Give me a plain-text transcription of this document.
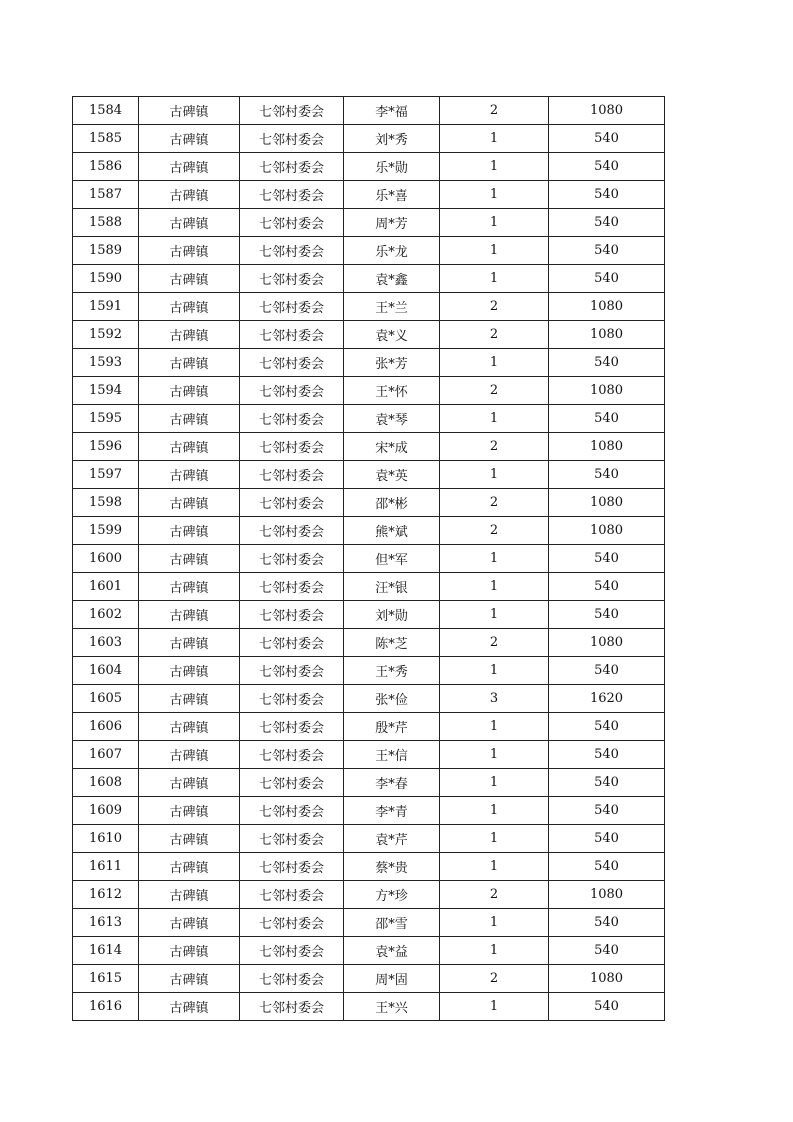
1584	古碑镇	七邻村委会	李*福	2	1080
1585	古碑镇	七邻村委会	刘*秀	1	540
1586	古碑镇	七邻村委会	乐*勋	1	540
1587	古碑镇	七邻村委会	乐*喜	1	540
1588	古碑镇	七邻村委会	周*芳	1	540
1589	古碑镇	七邻村委会	乐*龙	1	540
1590	古碑镇	七邻村委会	袁*鑫	1	540
1591	古碑镇	七邻村委会	王*兰	2	1080
1592	古碑镇	七邻村委会	袁*义	2	1080
1593	古碑镇	七邻村委会	张*芳	1	540
1594	古碑镇	七邻村委会	王*怀	2	1080
1595	古碑镇	七邻村委会	袁*琴	1	540
1596	古碑镇	七邻村委会	宋*成	2	1080
1597	古碑镇	七邻村委会	袁*英	1	540
1598	古碑镇	七邻村委会	邵*彬	2	1080
1599	古碑镇	七邻村委会	熊*斌	2	1080
1600	古碑镇	七邻村委会	但*军	1	540
1601	古碑镇	七邻村委会	汪*银	1	540
1602	古碑镇	七邻村委会	刘*勋	1	540
1603	古碑镇	七邻村委会	陈*芝	2	1080
1604	古碑镇	七邻村委会	王*秀	1	540
1605	古碑镇	七邻村委会	张*俭	3	1620
1606	古碑镇	七邻村委会	殷*芹	1	540
1607	古碑镇	七邻村委会	王*信	1	540
1608	古碑镇	七邻村委会	李*春	1	540
1609	古碑镇	七邻村委会	李*青	1	540
1610	古碑镇	七邻村委会	袁*芹	1	540
1611	古碑镇	七邻村委会	蔡*贵	1	540
1612	古碑镇	七邻村委会	方*珍	2	1080
1613	古碑镇	七邻村委会	邵*雪	1	540
1614	古碑镇	七邻村委会	袁*益	1	540
1615	古碑镇	七邻村委会	周*固	2	1080
1616	古碑镇	七邻村委会	王*兴	1	540
